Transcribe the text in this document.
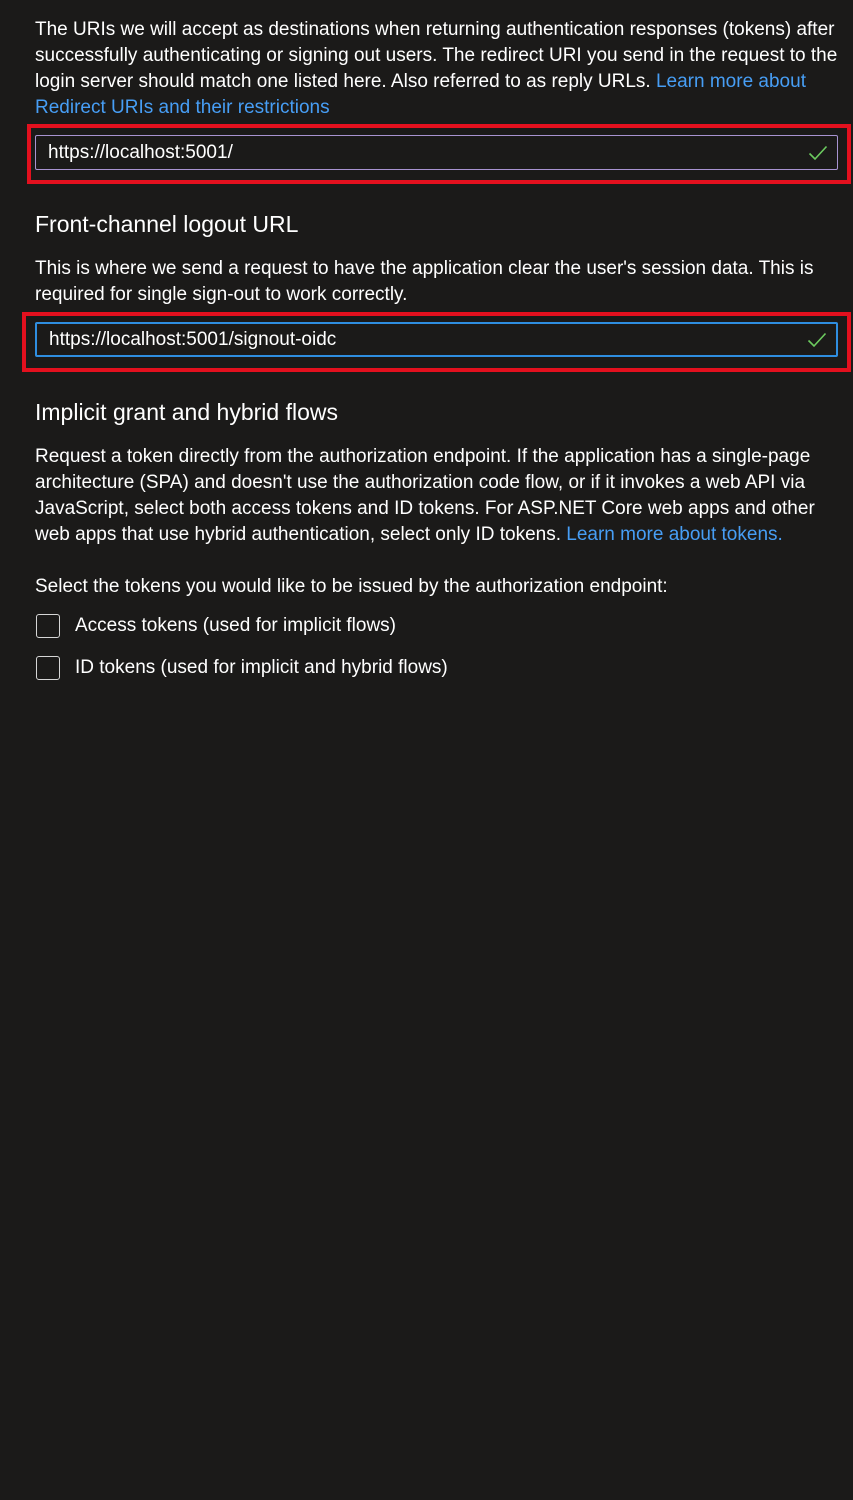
The URIs we will accept as destinations when returning authentication responses (tokens) after successfully authenticating or signing out users. The redirect URI you send in the request to the login server should match one listed here. Also referred to as reply URLs. Learn more about Redirect URIs and their restrictions
https://localhost:5001/
Front-channel logout URL

This is where we send a request to have the application clear the user's session data. This is required for single sign-out to work correctly.

https://localhost:5001/signout-oidc
Implicit grant and hybrid flows
Request a token directly from the authorization endpoint. If the application has a single-page architecture (SPA) and doesn't use the authorization code flow, or if it invokes a web API via JavaScript, select both access tokens and ID tokens. For ASP.NET Core web apps and other web apps that use hybrid authentication, select only ID tokens. Learn more about tokens.

Select the tokens you would like to be issued by the authorization endpoint:

Access tokens (used for implicit flows)
ID tokens (used for implicit and hybrid flows)
